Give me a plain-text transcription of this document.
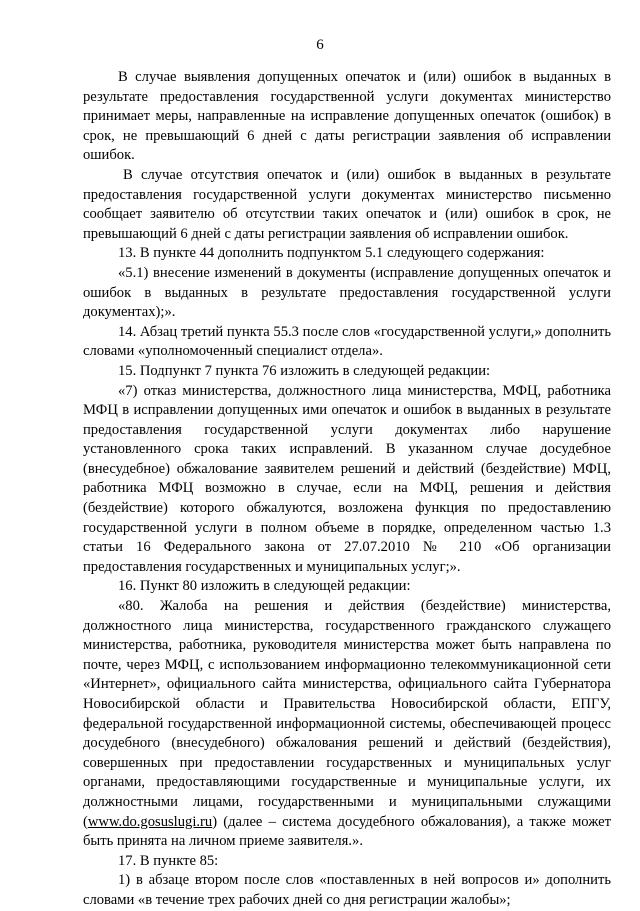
6

В случае выявления допущенных опечаток и (или) ошибок в выданных в результате предоставления государственной услуги документах министерство принимает меры, направленные на исправление допущенных опечаток (ошибок) в срок, не превышающий 6 дней с даты регистрации заявления об исправлении ошибок.

В случае отсутствия опечаток и (или) ошибок в выданных в результате предоставления государственной услуги документах министерство письменно сообщает заявителю об отсутствии таких опечаток и (или) ошибок в срок, не превышающий 6 дней с даты регистрации заявления об исправлении ошибок.

13. В пункте 44 дополнить подпунктом 5.1 следующего содержания:

«5.1) внесение изменений в документы (исправление допущенных опечаток и ошибок в выданных в результате предоставления государственной услуги документах);».

14. Абзац третий пункта 55.3 после слов «государственной услуги,» дополнить словами «уполномоченный специалист отдела».

15. Подпункт 7 пункта 76 изложить в следующей редакции:

«7) отказ министерства, должностного лица министерства, МФЦ, работника МФЦ в исправлении допущенных ими опечаток и ошибок в выданных в результате предоставления государственной услуги документах либо нарушение установленного срока таких исправлений. В указанном случае досудебное (внесудебное) обжалование заявителем решений и действий (бездействие) МФЦ, работника МФЦ возможно в случае, если на МФЦ, решения и действия (бездействие) которого обжалуются, возложена функция по предоставлению государственной услуги в полном объеме в порядке, определенном частью 1.3 статьи 16 Федерального закона от 27.07.2010 № 210 «Об организации предоставления государственных и муниципальных услуг;».

16. Пункт 80 изложить в следующей редакции:

«80. Жалоба на решения и действия (бездействие) министерства, должностного лица министерства, государственного гражданского служащего министерства, работника, руководителя министерства может быть направлена по почте, через МФЦ, с использованием информационно телекоммуникационной сети «Интернет», официального сайта министерства, официального сайта Губернатора Новосибирской области и Правительства Новосибирской области, ЕПГУ, федеральной государственной информационной системы, обеспечивающей процесс досудебного (внесудебного) обжалования решений и действий (бездействия), совершенных при предоставлении государственных и муниципальных услуг органами, предоставляющими государственные и муниципальные услуги, их должностными лицами, государственными и муниципальными служащими (www.do.gosuslugi.ru) (далее – система досудебного обжалования), а также может быть принята на личном приеме заявителя.».

17. В пункте 85:

1) в абзаце втором после слов «поставленных в ней вопросов и» дополнить словами «в течение трех рабочих дней со дня регистрации жалобы»;
